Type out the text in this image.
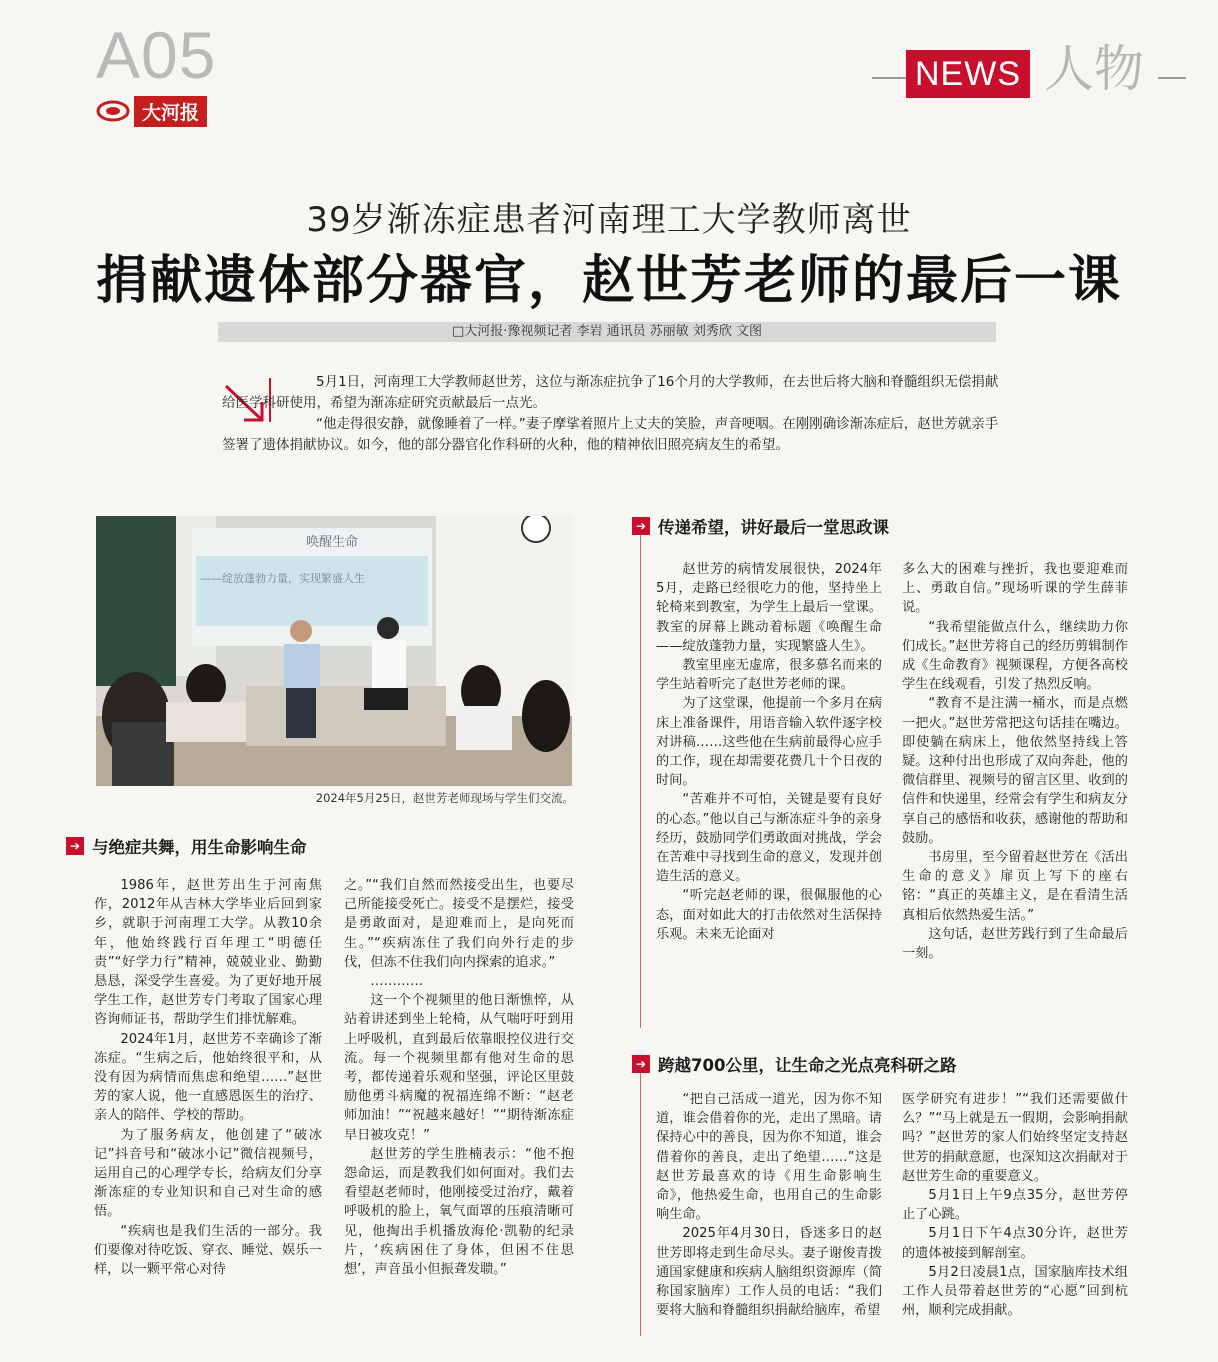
A05
大河报
NEWS 人物
39岁渐冻症患者河南理工大学教师离世
捐献遗体部分器官，赵世芳老师的最后一课
□大河报·豫视频记者 李岩 通讯员 苏丽敏 刘秀欣 文图

5月1日，河南理工大学教师赵世芳，这位与渐冻症抗争了16个月的大学教师，在去世后将大脑和脊髓组织无偿捐献给医学科研使用，希望为渐冻症研究贡献最后一点光。

“他走得很安静，就像睡着了一样。”妻子摩挲着照片上丈夫的笑脸，声音哽咽。在刚刚确诊渐冻症后，赵世芳就亲手签署了遗体捐献协议。如今，他的部分器官化作科研的火种，他的精神依旧照亮病友生的希望。

唤醒生命
——绽放蓬勃力量，实现繁盛人生
2024年5月25日，赵世芳老师现场与学生们交流。
➔ 与绝症共舞，用生命影响生命

1986年，赵世芳出生于河南焦作，2012年从吉林大学毕业后回到家乡，就职于河南理工大学。从教10余年，他始终践行百年理工“明德任责”“好学力行”精神，兢兢业业、勤勤恳恳，深受学生喜爱。为了更好地开展学生工作，赵世芳专门考取了国家心理咨询师证书，帮助学生们排忧解难。

2024年1月，赵世芳不幸确诊了渐冻症。“生病之后，他始终很平和，从没有因为病情而焦虑和绝望……”赵世芳的家人说，他一直感恩医生的治疗、亲人的陪伴、学校的帮助。

为了服务病友，他创建了“破冰记”抖音号和“破冰小记”微信视频号，运用自己的心理学专长，给病友们分享渐冻症的专业知识和自己对生命的感悟。

“疾病也是我们生活的一部分。我们要像对待吃饭、穿衣、睡觉、娱乐一样，以一颗平常心对待

之。”“我们自然而然接受出生，也要尽己所能接受死亡。接受不是摆烂，接受是勇敢面对，是迎难而上，是向死而生。”“疾病冻住了我们向外行走的步伐，但冻不住我们向内探索的追求。”

…………

这一个个视频里的他日渐憔悴，从站着讲述到坐上轮椅，从气喘吁吁到用上呼吸机，直到最后依靠眼控仪进行交流。每一个视频里都有他对生命的思考，都传递着乐观和坚强，评论区里鼓励他勇斗病魔的祝福连绵不断：“赵老师加油！”“祝越来越好！”“期待渐冻症早日被攻克！”

赵世芳的学生胜楠表示：“他不抱怨命运，而是教我们如何面对。我们去看望赵老师时，他刚接受过治疗，戴着呼吸机的脸上，氧气面罩的压痕清晰可见，他掏出手机播放海伦·凯勒的纪录片，‘疾病困住了身体，但困不住思想’，声音虽小但振聋发聩。”

➔ 传递希望，讲好最后一堂思政课

赵世芳的病情发展很快，2024年5月，走路已经很吃力的他，坚持坐上轮椅来到教室，为学生上最后一堂课。教室的屏幕上跳动着标题《唤醒生命——绽放蓬勃力量，实现繁盛人生》。

教室里座无虚席，很多慕名而来的学生站着听完了赵世芳老师的课。

为了这堂课，他提前一个多月在病床上准备课件，用语音输入软件逐字校对讲稿……这些他在生病前最得心应手的工作，现在却需要花费几十个日夜的时间。

“苦难并不可怕，关键是要有良好的心态。”他以自己与渐冻症斗争的亲身经历，鼓励同学们勇敢面对挑战，学会在苦难中寻找到生命的意义，发现并创造生活的意义。

“听完赵老师的课，很佩服他的心态，面对如此大的打击依然对生活保持乐观。未来无论面对

多么大的困难与挫折，我也要迎难而上、勇敢自信。”现场听课的学生薛菲说。

“我希望能做点什么，继续助力你们成长。”赵世芳将自己的经历剪辑制作成《生命教育》视频课程，方便各高校学生在线观看，引发了热烈反响。

“教育不是注满一桶水，而是点燃一把火。”赵世芳常把这句话挂在嘴边。即使躺在病床上，他依然坚持线上答疑。这种付出也形成了双向奔赴，他的微信群里、视频号的留言区里、收到的信件和快递里，经常会有学生和病友分享自己的感悟和收获，感谢他的帮助和鼓励。

书房里，至今留着赵世芳在《活出生命的意义》扉页上写下的座右铭：“真正的英雄主义，是在看清生活真相后依然热爱生活。”

这句话，赵世芳践行到了生命最后一刻。

➔ 跨越700公里，让生命之光点亮科研之路

“把自己活成一道光，因为你不知道，谁会借着你的光，走出了黑暗。请保持心中的善良，因为你不知道，谁会借着你的善良，走出了绝望……”这是赵世芳最喜欢的诗《用生命影响生命》，他热爱生命，也用自己的生命影响生命。

2025年4月30日，昏迷多日的赵世芳即将走到生命尽头。妻子谢俊青拨通国家健康和疾病人脑组织资源库（简称国家脑库）工作人员的电话：“我们要将大脑和脊髓组织捐献给脑库，希望

医学研究有进步！”“我们还需要做什么？”“马上就是五一假期，会影响捐献吗？”赵世芳的家人们始终坚定支持赵世芳的捐献意愿，也深知这次捐献对于赵世芳生命的重要意义。

5月1日上午9点35分，赵世芳停止了心跳。

5月1日下午4点30分许，赵世芳的遗体被接到解剖室。

5月2日凌晨1点，国家脑库技术组工作人员带着赵世芳的“心愿”回到杭州，顺利完成捐献。
